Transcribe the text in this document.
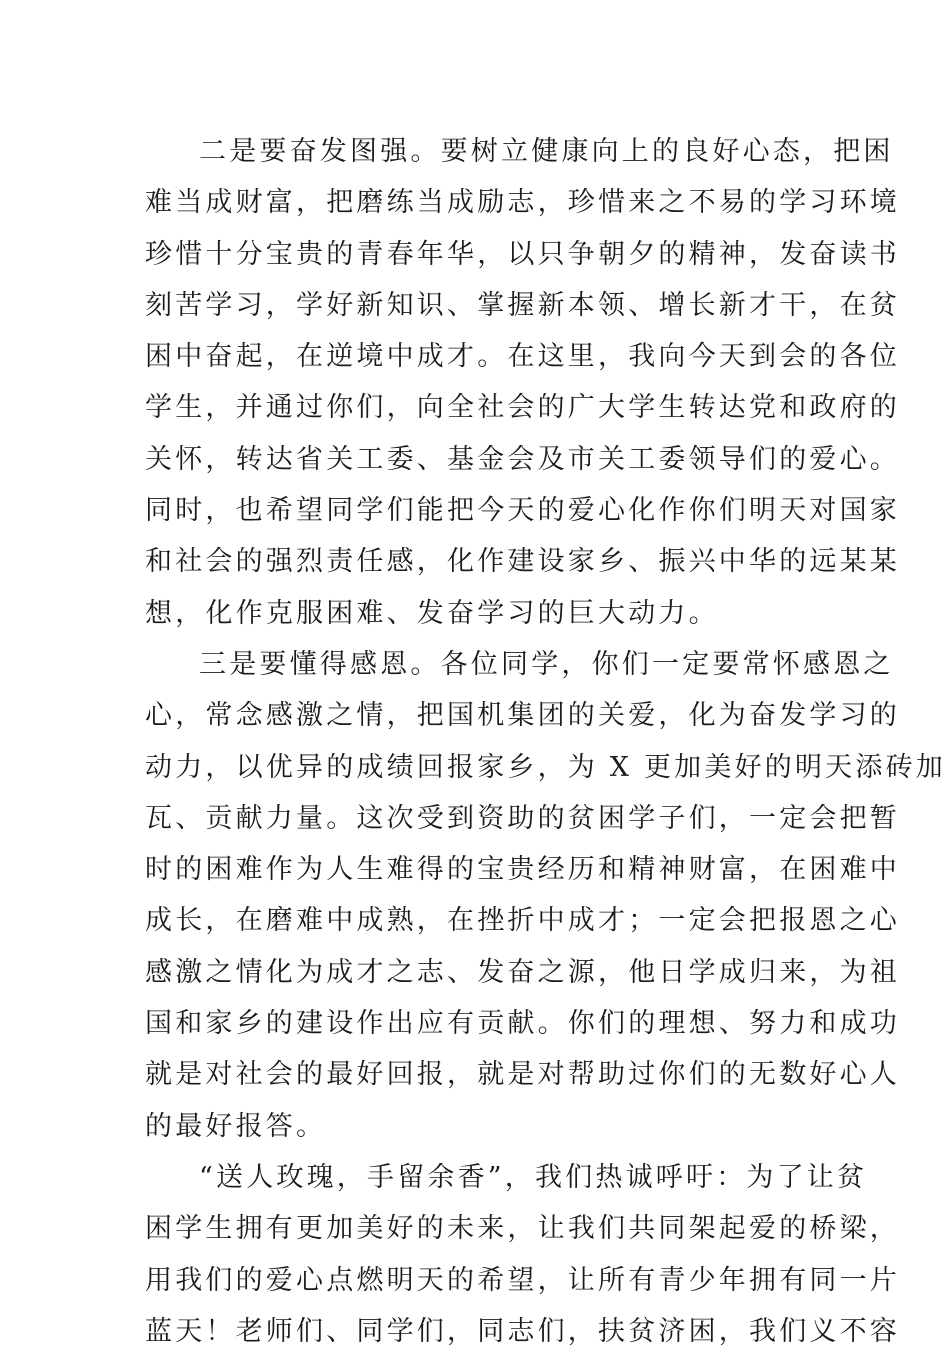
二是要奋发图强。要树立健康向上的良好心态，把困
难当成财富，把磨练当成励志，珍惜来之不易的学习环境
珍惜十分宝贵的青春年华，以只争朝夕的精神，发奋读书
刻苦学习，学好新知识、掌握新本领、增长新才干，在贫
困中奋起，在逆境中成才。在这里，我向今天到会的各位
学生，并通过你们，向全社会的广大学生转达党和政府的
关怀，转达省关工委、基金会及市关工委领导们的爱心。
同时，也希望同学们能把今天的爱心化作你们明天对国家
和社会的强烈责任感，化作建设家乡、振兴中华的远某某
想，化作克服困难、发奋学习的巨大动力。
三是要懂得感恩。各位同学，你们一定要常怀感恩之
心，常念感激之情，把国机集团的关爱，化为奋发学习的
动力，以优异的成绩回报家乡，为 X 更加美好的明天添砖加
瓦、贡献力量。这次受到资助的贫困学子们，一定会把暂
时的困难作为人生难得的宝贵经历和精神财富，在困难中
成长，在磨难中成熟，在挫折中成才；一定会把报恩之心
感激之情化为成才之志、发奋之源，他日学成归来，为祖
国和家乡的建设作出应有贡献。你们的理想、努力和成功
就是对社会的最好回报，就是对帮助过你们的无数好心人
的最好报答。
“送人玫瑰，手留余香”，我们热诚呼吁：为了让贫
困学生拥有更加美好的未来，让我们共同架起爱的桥梁，
用我们的爱心点燃明天的希望，让所有青少年拥有同一片
蓝天！老师们、同学们，同志们，扶贫济困，我们义不容
